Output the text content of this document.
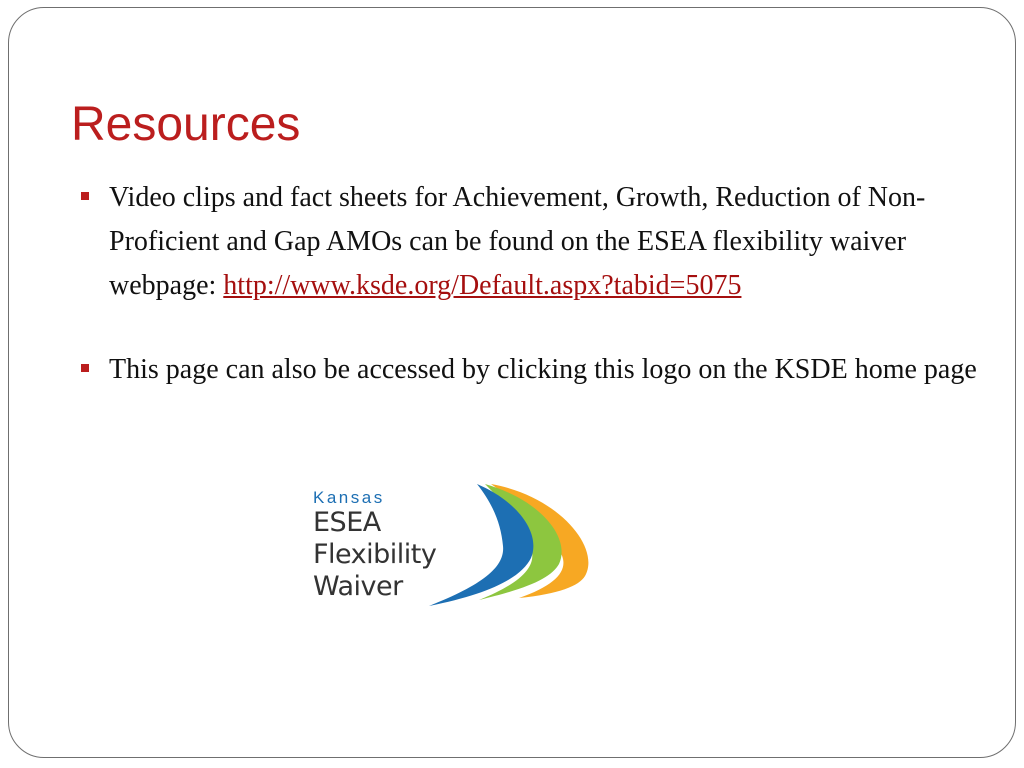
Resources
Video clips and fact sheets for Achievement, Growth, Reduction of Non-Proficient and Gap AMOs can be found on the ESEA flexibility waiver webpage: http://www.ksde.org/Default.aspx?tabid=5075
This page can also be accessed by clicking this logo on the KSDE home page
Kansas
ESEA
Flexibility
Waiver
